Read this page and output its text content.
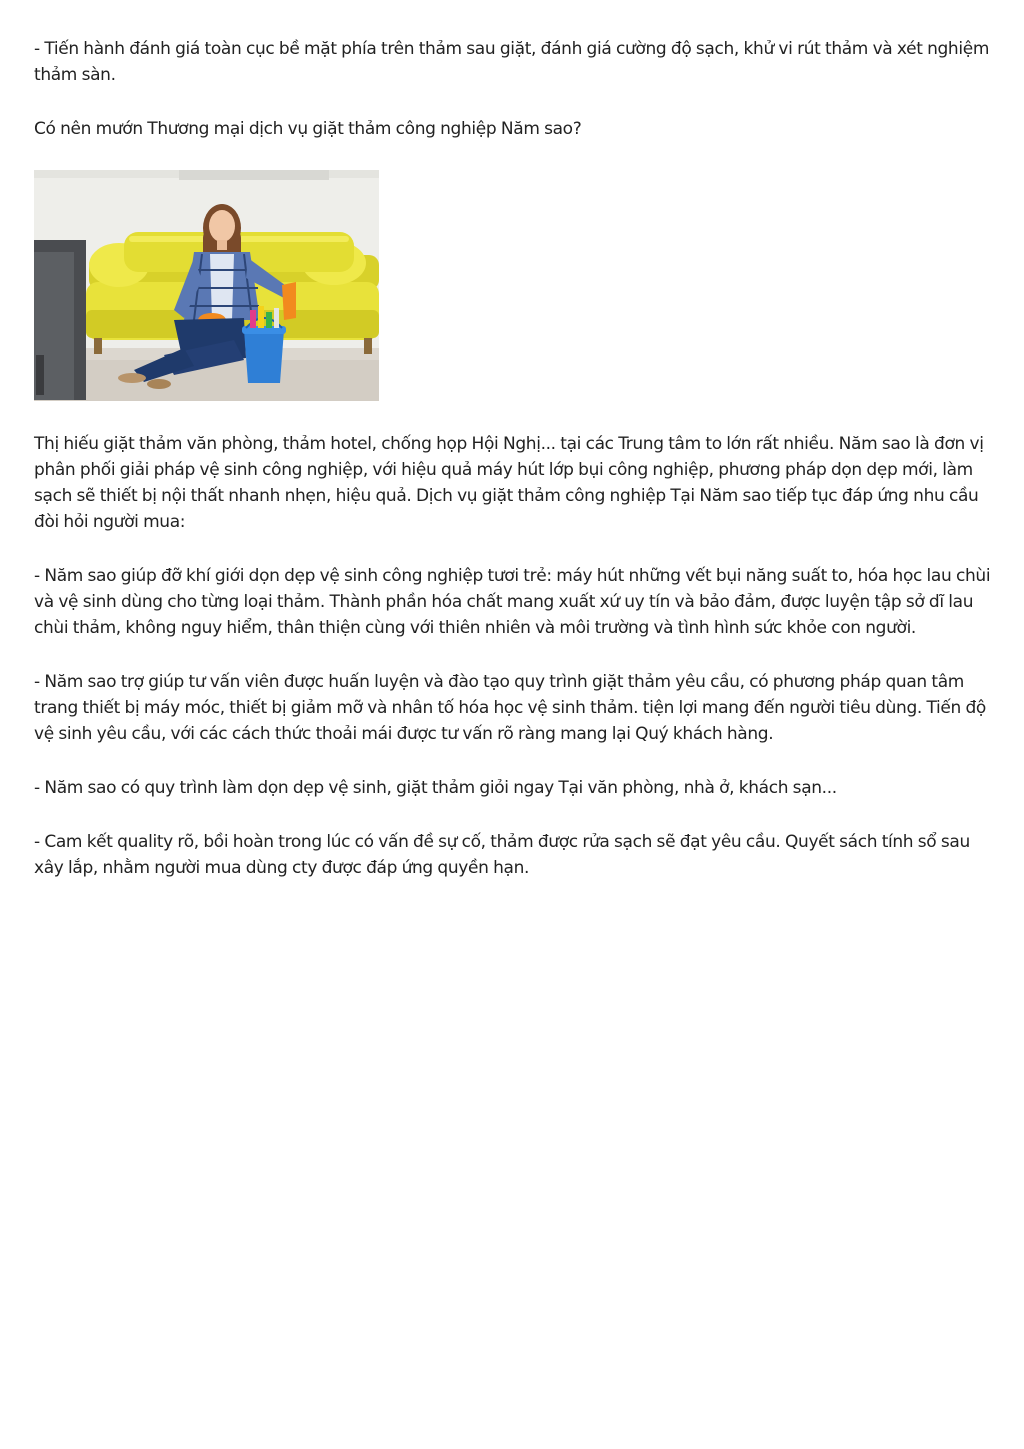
- Tiến hành đánh giá toàn cục bề mặt phía trên thảm sau giặt, đánh giá cường độ sạch, khử vi rút thảm và xét nghiệm thảm sàn.

Có nên mướn Thương mại dịch vụ giặt thảm công nghiệp Năm sao?

Thị hiếu giặt thảm văn phòng, thảm hotel, chống họp Hội Nghị... tại các Trung tâm to lớn rất nhiều. Năm sao là đơn vị phân phối giải pháp vệ sinh công nghiệp, với hiệu quả máy hút lớp bụi công nghiệp, phương pháp dọn dẹp mới, làm sạch sẽ thiết bị nội thất nhanh nhẹn, hiệu quả. Dịch vụ giặt thảm công nghiệp Tại Năm sao tiếp tục đáp ứng nhu cầu đòi hỏi người mua:

- Năm sao giúp đỡ khí giới dọn dẹp vệ sinh công nghiệp tươi trẻ: máy hút những vết bụi năng suất to, hóa học lau chùi và vệ sinh dùng cho từng loại thảm. Thành phần hóa chất mang xuất xứ uy tín và bảo đảm, được luyện tập sở dĩ lau chùi thảm, không nguy hiểm, thân thiện cùng với thiên nhiên và môi trường và tình hình sức khỏe con người.

- Năm sao trợ giúp tư vấn viên được huấn luyện và đào tạo quy trình giặt thảm yêu cầu, có phương pháp quan tâm trang thiết bị máy móc, thiết bị giảm mỡ và nhân tố hóa học vệ sinh thảm. tiện lợi mang đến người tiêu dùng. Tiến độ vệ sinh yêu cầu, với các cách thức thoải mái được tư vấn rõ ràng mang lại Quý khách hàng.

- Năm sao có quy trình làm dọn dẹp vệ sinh, giặt thảm giỏi ngay Tại văn phòng, nhà ở, khách sạn...

- Cam kết quality rõ, bồi hoàn trong lúc có vấn đề sự cố, thảm được rửa sạch sẽ đạt yêu cầu. Quyết sách tính sổ sau xây lắp, nhằm người mua dùng cty được đáp ứng quyền hạn.
